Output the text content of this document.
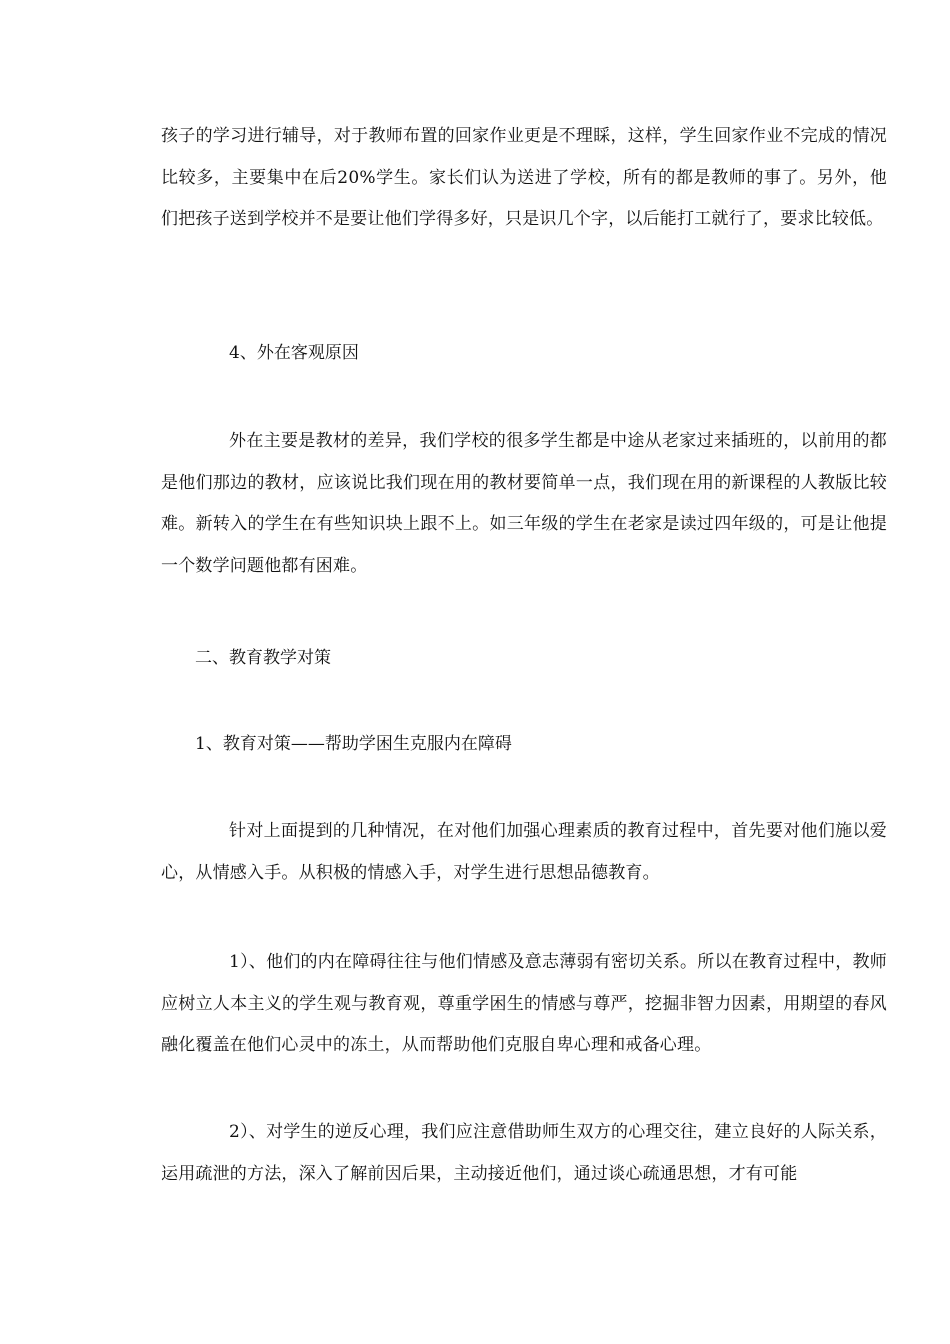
孩子的学习进行辅导，对于教师布置的回家作业更是不理睬，这样，学生回家作业不完成的情况比较多，主要集中在后20%学生。家长们认为送进了学校，所有的都是教师的事了。另外，他们把孩子送到学校并不是要让他们学得多好，只是识几个字，以后能打工就行了，要求比较低。

4、外在客观原因

外在主要是教材的差异，我们学校的很多学生都是中途从老家过来插班的，以前用的都是他们那边的教材，应该说比我们现在用的教材要简单一点，我们现在用的新课程的人教版比较难。新转入的学生在有些知识块上跟不上。如三年级的学生在老家是读过四年级的，可是让他提一个数学问题他都有困难。

二、教育教学对策

1、教育对策——帮助学困生克服内在障碍

针对上面提到的几种情况，在对他们加强心理素质的教育过程中，首先要对他们施以爱心，从情感入手。从积极的情感入手，对学生进行思想品德教育。

1）、他们的内在障碍往往与他们情感及意志薄弱有密切关系。所以在教育过程中，教师应树立人本主义的学生观与教育观，尊重学困生的情感与尊严，挖掘非智力因素，用期望的春风融化覆盖在他们心灵中的冻土，从而帮助他们克服自卑心理和戒备心理。

2）、对学生的逆反心理，我们应注意借助师生双方的心理交往，建立良好的人际关系，运用疏泄的方法，深入了解前因后果，主动接近他们，通过谈心疏通思想，才有可能
